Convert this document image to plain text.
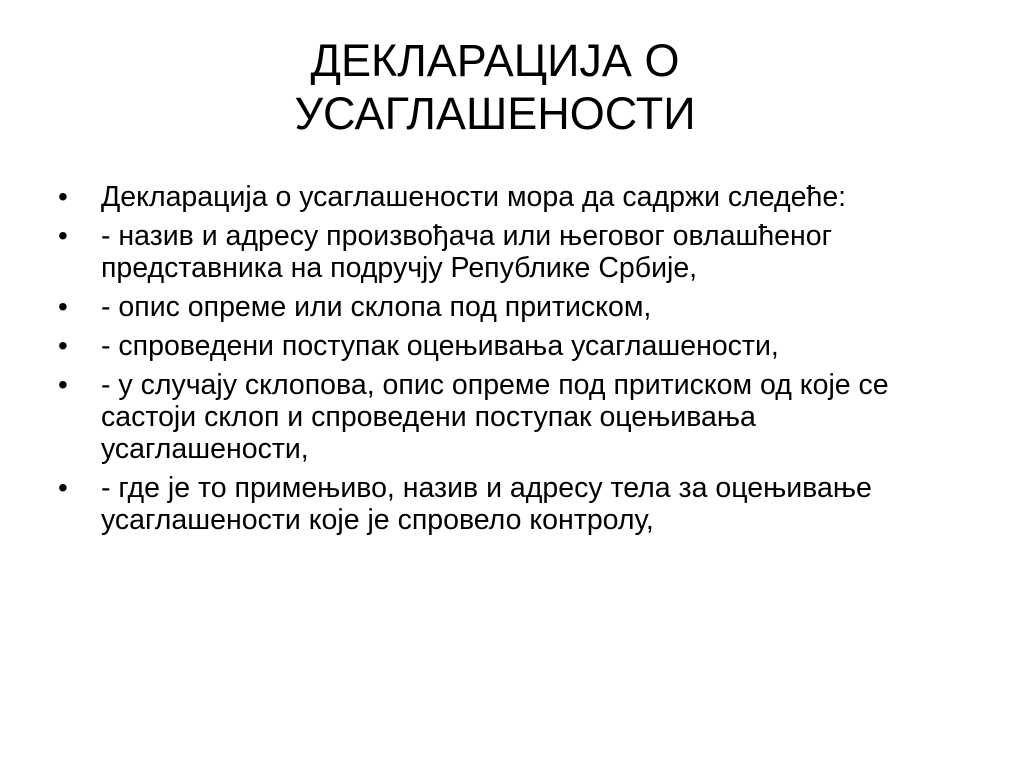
ДЕКЛАРАЦИЈА О
УСАГЛАШЕНОСТИ
•	Декларација о усаглашености мора да садржи следеће:
•	- назив и адресу произвођача или његовог овлашћеног представника на подручју Републике Србије,
•	- опис опреме или склопа под притиском,
•	- спроведени поступак оцењивања усаглашености,
•	- у случају склопова, опис опреме под притиском од које се састоји склоп и спроведени поступак оцењивања усаглашености,
•	- где је то примењиво, назив и адресу тела за оцењивање усаглашености које је спровело контролу,
